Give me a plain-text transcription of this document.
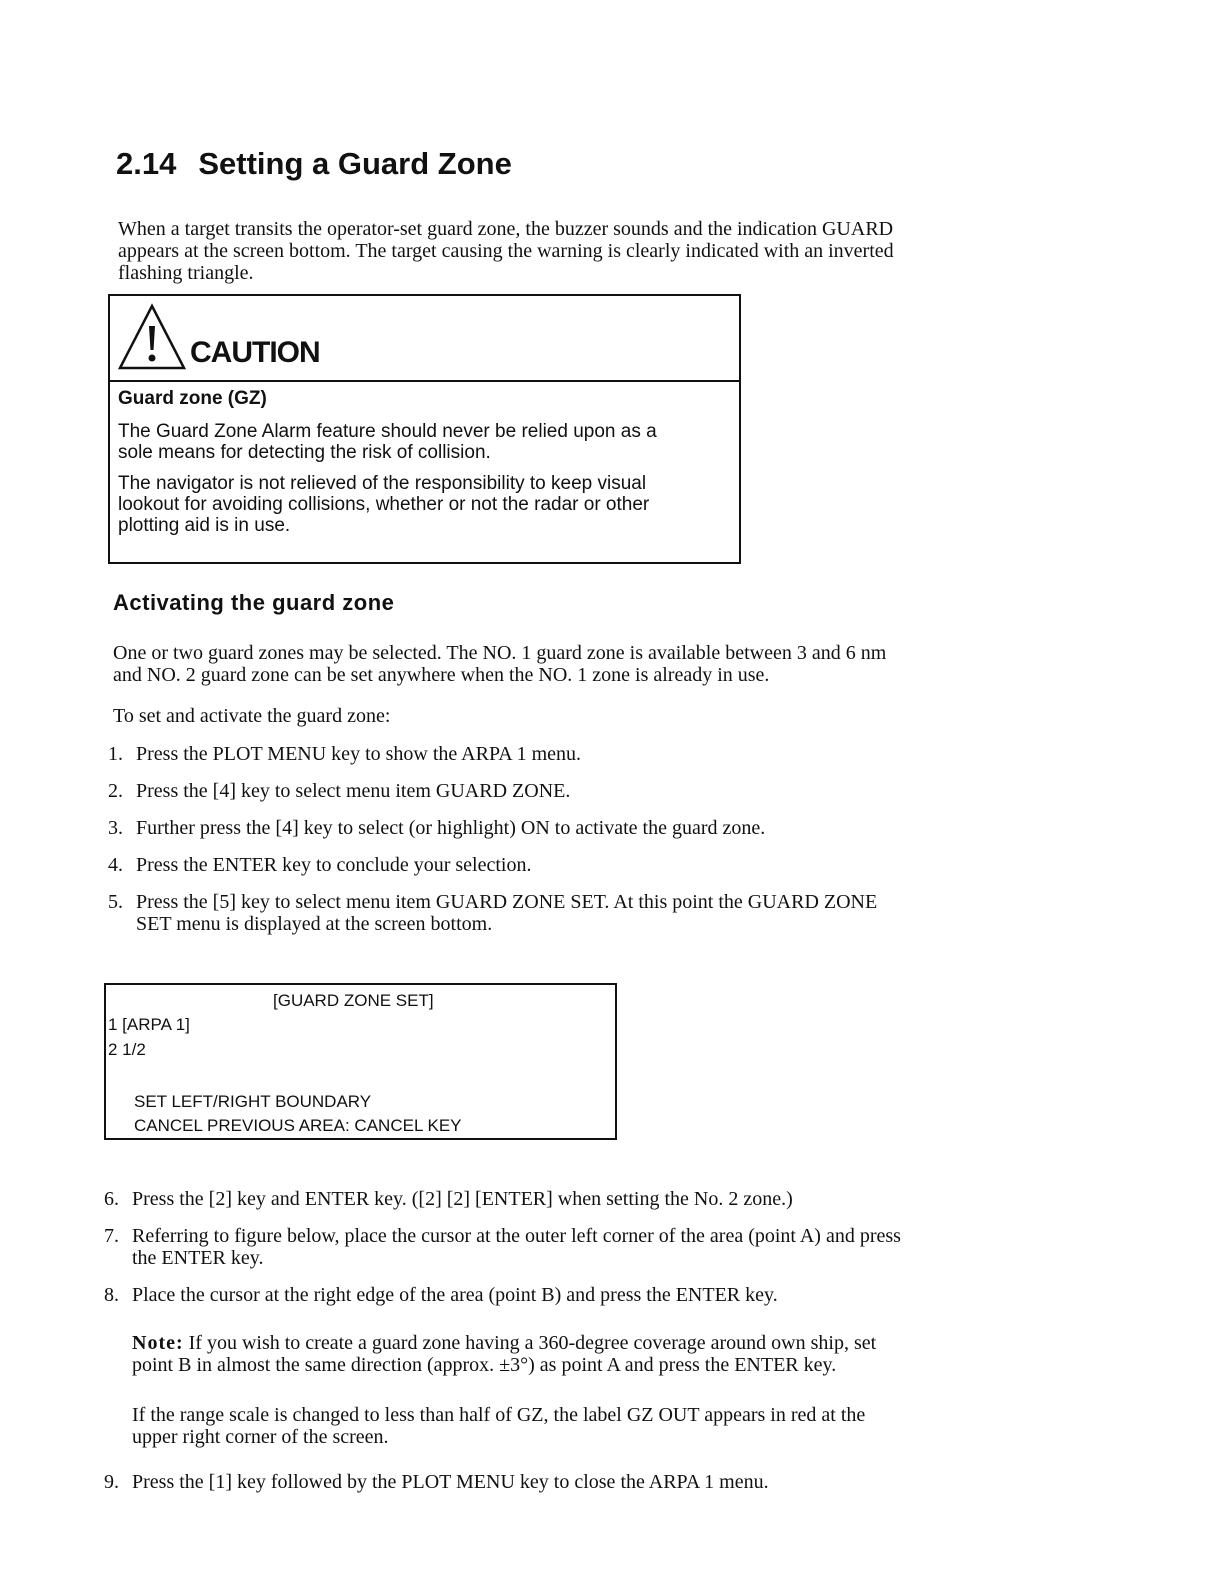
2.14 Setting a Guard Zone
When a target transits the operator-set guard zone, the buzzer sounds and the indication GUARD
appears at the screen bottom. The target causing the warning is clearly indicated with an inverted
flashing triangle.
CAUTION
Guard zone (GZ)

The Guard Zone Alarm feature should never be relied upon as a
sole means for detecting the risk of collision.

The navigator is not relieved of the responsibility to keep visual
lookout for avoiding collisions, whether or not the radar or other
plotting aid is in use.

Activating the guard zone
One or two guard zones may be selected. The NO. 1 guard zone is available between 3 and 6 nm
and NO. 2 guard zone can be set anywhere when the NO. 1 zone is already in use.
To set and activate the guard zone:
1. Press the PLOT MENU key to show the ARPA 1 menu.
2. Press the [4] key to select menu item GUARD ZONE.
3. Further press the [4] key to select (or highlight) ON to activate the guard zone.
4. Press the ENTER key to conclude your selection.
5. Press the [5] key to select menu item GUARD ZONE SET. At this point the GUARD ZONE
SET menu is displayed at the screen bottom.
[GUARD ZONE SET]
1 [ARPA 1]
2 1/2
SET LEFT/RIGHT BOUNDARY
CANCEL PREVIOUS AREA: CANCEL KEY
6. Press the [2] key and ENTER key. ([2] [2] [ENTER] when setting the No. 2 zone.)
7. Referring to figure below, place the cursor at the outer left corner of the area (point A) and press
the ENTER key.
8. Place the cursor at the right edge of the area (point B) and press the ENTER key.
Note: If you wish to create a guard zone having a 360-degree coverage around own ship, set
point B in almost the same direction (approx. ±3°) as point A and press the ENTER key.
If the range scale is changed to less than half of GZ, the label GZ OUT appears in red at the
upper right corner of the screen.
9. Press the [1] key followed by the PLOT MENU key to close the ARPA 1 menu.
